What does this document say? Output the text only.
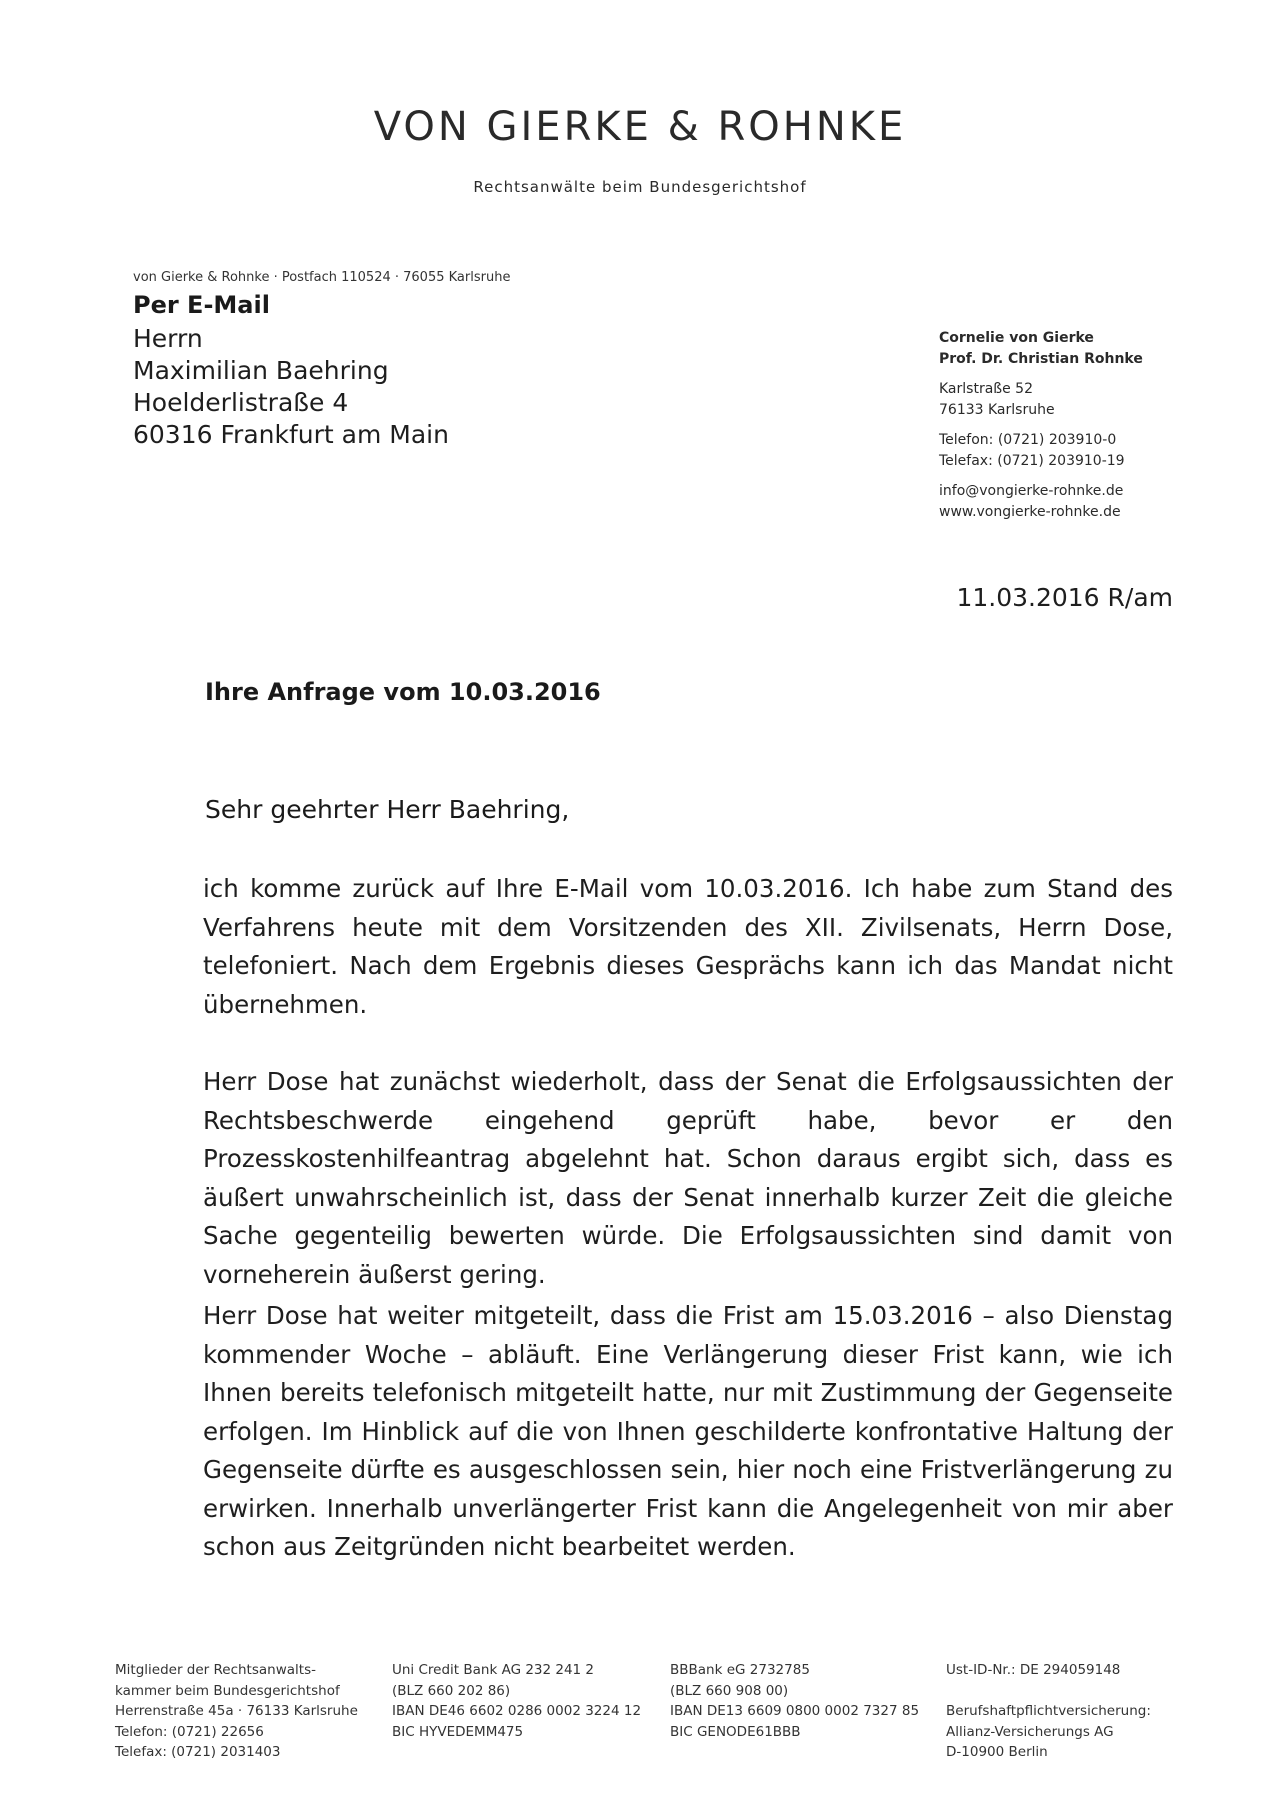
VON GIERKE & ROHNKE
Rechtsanwälte beim Bundesgerichtshof
von Gierke & Rohnke · Postfach 110524 · 76055 Karlsruhe
Per E-Mail
Herrn
Maximilian Baehring
Hoelderlistraße 4
60316 Frankfurt am Main
Cornelie von Gierke
Prof. Dr. Christian Rohnke
Karlstraße 52
76133 Karlsruhe
Telefon: (0721) 203910-0
Telefax: (0721) 203910-19
info@vongierke-rohnke.de
www.vongierke-rohnke.de
11.03.2016 R/am
Ihre Anfrage vom 10.03.2016
Sehr geehrter Herr Baehring,
ich komme zurück auf Ihre E-Mail vom 10.03.2016. Ich habe zum Stand des Verfahrens heute mit dem Vorsitzenden des XII. Zivilsenats, Herrn Dose, telefoniert. Nach dem Ergebnis dieses Gesprächs kann ich das Mandat nicht übernehmen.
Herr Dose hat zunächst wiederholt, dass der Senat die Erfolgsaussichten der Rechtsbeschwerde eingehend geprüft habe, bevor er den Prozesskostenhilfeantrag abgelehnt hat. Schon daraus ergibt sich, dass es äußert unwahrscheinlich ist, dass der Senat innerhalb kurzer Zeit die gleiche Sache gegenteilig bewerten würde. Die Erfolgsaussichten sind damit von vorneherein äußerst gering.
Herr Dose hat weiter mitgeteilt, dass die Frist am 15.03.2016 – also Dienstag kommender Woche – abläuft. Eine Verlängerung dieser Frist kann, wie ich Ihnen bereits telefonisch mitgeteilt hatte, nur mit Zustimmung der Gegenseite erfolgen. Im Hinblick auf die von Ihnen geschilderte konfrontative Haltung der Gegenseite dürfte es ausgeschlossen sein, hier noch eine Fristverlängerung zu erwirken. Innerhalb unverlängerter Frist kann die Angelegenheit von mir aber schon aus Zeitgründen nicht bearbeitet werden.
Mitglieder der Rechtsanwalts-
kammer beim Bundesgerichtshof
Herrenstraße 45a · 76133 Karlsruhe
Telefon: (0721) 22656
Telefax: (0721) 2031403
Uni Credit Bank AG 232 241 2
(BLZ 660 202 86)
IBAN DE46 6602 0286 0002 3224 12
BIC HYVEDEMM475
BBBank eG 2732785
(BLZ 660 908 00)
IBAN DE13 6609 0800 0002 7327 85
BIC GENODE61BBB
Ust-ID-Nr.: DE 294059148

Berufshaftpflichtversicherung:
Allianz-Versicherungs AG
D-10900 Berlin
